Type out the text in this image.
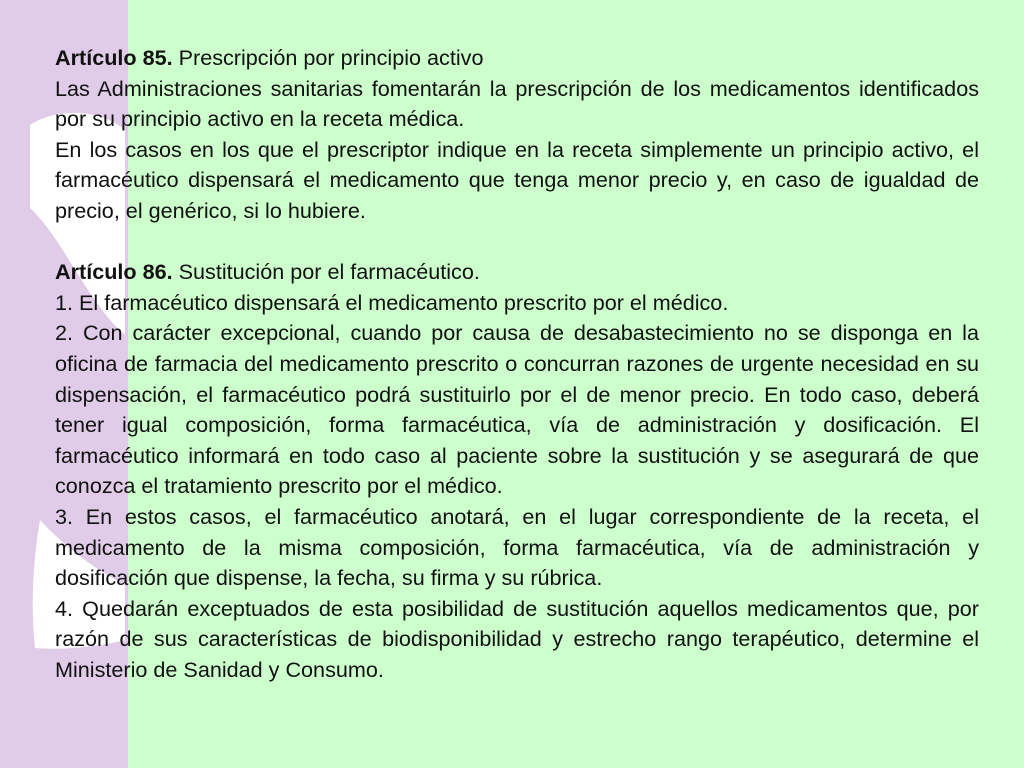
Artículo 85. Prescripción por principio activo

Las Administraciones sanitarias fomentarán la prescripción de los medicamentos identificados por su principio activo en la receta médica.

En los casos en los que el prescriptor indique en la receta simplemente un principio activo, el farmacéutico dispensará el medicamento que tenga menor precio y, en caso de igualdad de precio, el genérico, si lo hubiere.

Artículo 86. Sustitución por el farmacéutico.

1. El farmacéutico dispensará el medicamento prescrito por el médico.

2. Con carácter excepcional, cuando por causa de desabastecimiento no se disponga en la oficina de farmacia del medicamento prescrito o concurran razones de urgente necesidad en su dispensación, el farmacéutico podrá sustituirlo por el de menor precio. En todo caso, deberá tener igual composición, forma farmacéutica, vía de administración y dosificación. El farmacéutico informará en todo caso al paciente sobre la sustitución y se asegurará de que conozca el tratamiento prescrito por el médico.

3. En estos casos, el farmacéutico anotará, en el lugar correspondiente de la receta, el medicamento de la misma composición, forma farmacéutica, vía de administración y dosificación que dispense, la fecha, su firma y su rúbrica.

4. Quedarán exceptuados de esta posibilidad de sustitución aquellos medicamentos que, por razón de sus características de biodisponibilidad y estrecho rango terapéutico, determine el Ministerio de Sanidad y Consumo.
